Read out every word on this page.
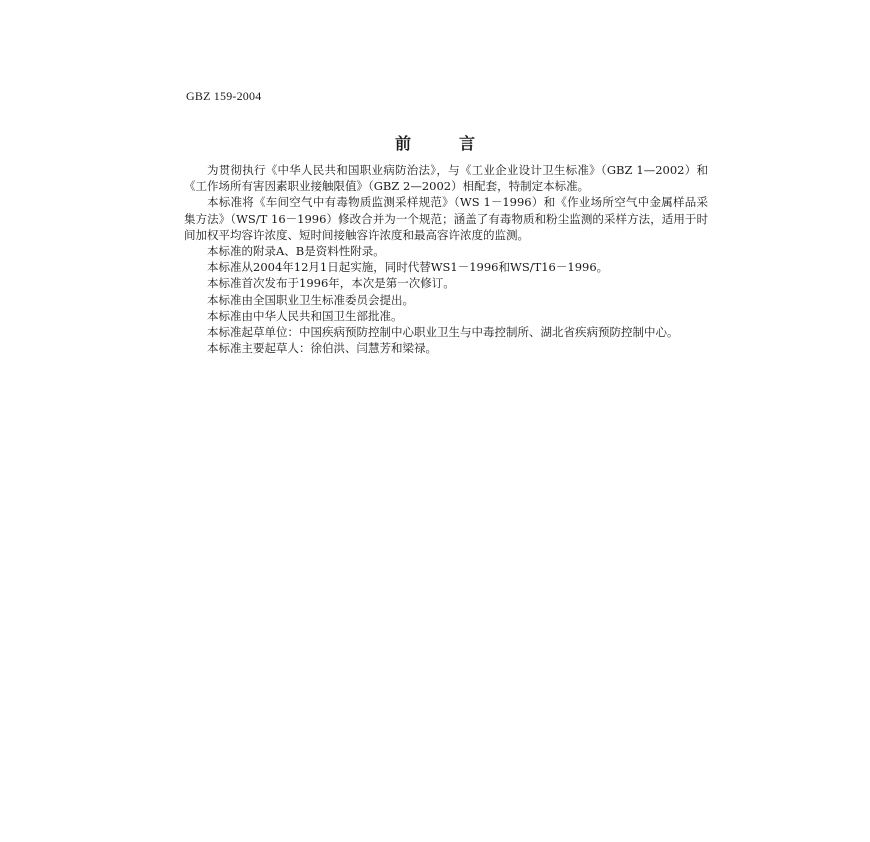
GBZ 159-2004
前	言

为贯彻执行《中华人民共和国职业病防治法》，与《工业企业设计卫生标准》（GBZ 1—2002）和《工作场所有害因素职业接触限值》（GBZ 2—2002）相配套，特制定本标准。

本标准将《车间空气中有毒物质监测采样规范》（WS 1－1996）和《作业场所空气中金属样品采集方法》（WS/T 16－1996）修改合并为一个规范；涵盖了有毒物质和粉尘监测的采样方法，适用于时间加权平均容许浓度、短时间接触容许浓度和最高容许浓度的监测。

本标准的附录A、B是资料性附录。

本标准从2004年12月1日起实施，同时代替WS1－1996和WS/T16－1996。

本标准首次发布于1996年，本次是第一次修订。

本标准由全国职业卫生标准委员会提出。

本标准由中华人民共和国卫生部批准。

本标准起草单位：中国疾病预防控制中心职业卫生与中毒控制所、湖北省疾病预防控制中心。

本标准主要起草人：徐伯洪、闫慧芳和梁禄。
